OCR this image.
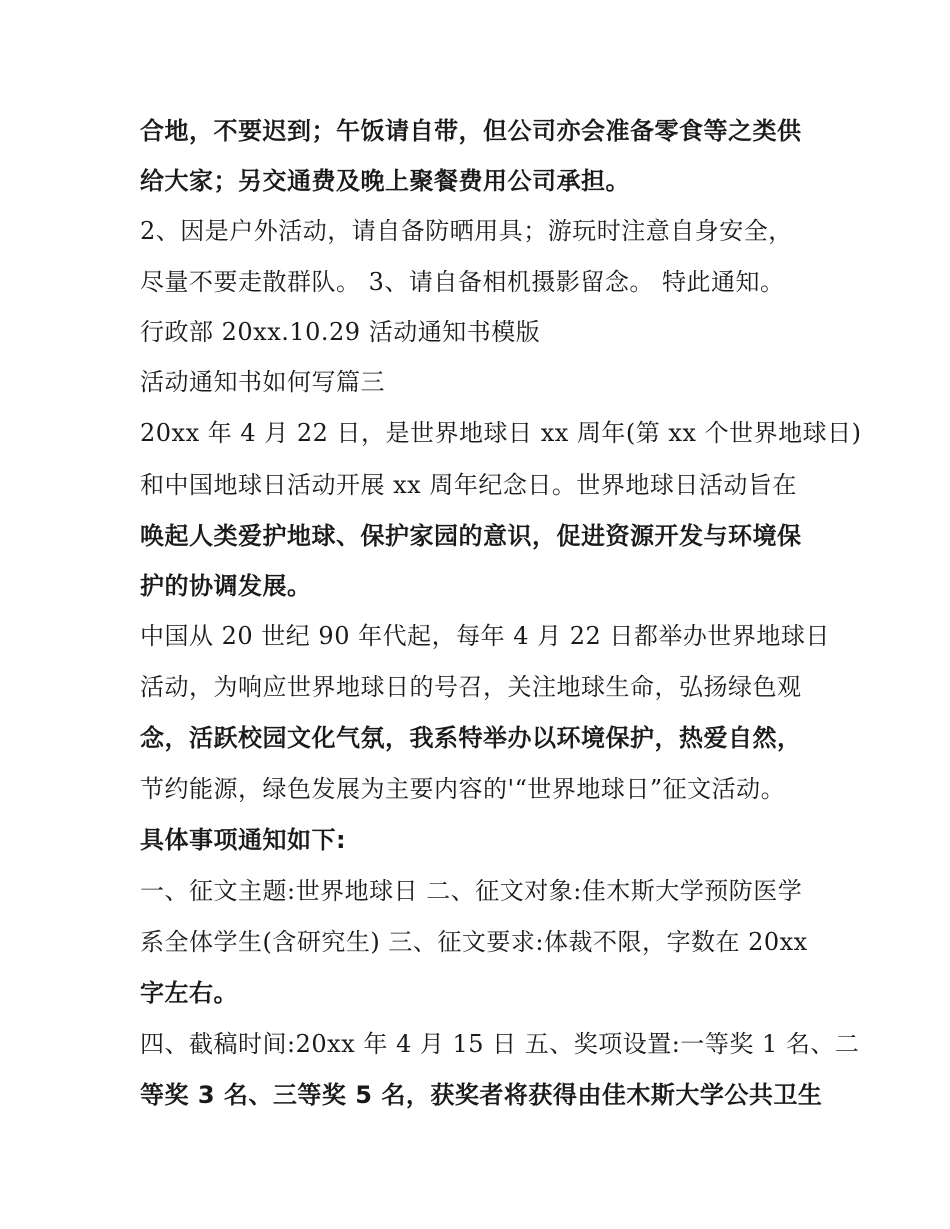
合地，不要迟到；午饭请自带，但公司亦会准备零食等之类供
给大家；另交通费及晚上聚餐费用公司承担。
2、因是户外活动，请自备防晒用具；游玩时注意自身安全，
尽量不要走散群队。 3、请自备相机摄影留念。 特此通知。
行政部 20xx.10.29 活动通知书模版
活动通知书如何写篇三
20xx 年 4 月 22 日，是世界地球日 xx 周年(第 xx 个世界地球日)
和中国地球日活动开展 xx 周年纪念日。世界地球日活动旨在
唤起人类爱护地球、保护家园的意识，促进资源开发与环境保
护的协调发展。
中国从 20 世纪 90 年代起，每年 4 月 22 日都举办世界地球日
活动，为响应世界地球日的号召，关注地球生命，弘扬绿色观
念，活跃校园文化气氛，我系特举办以环境保护，热爱自然，
节约能源，绿色发展为主要内容的'“世界地球日”征文活动。
具体事项通知如下:
一、征文主题:世界地球日 二、征文对象:佳木斯大学预防医学
系全体学生(含研究生) 三、征文要求:体裁不限，字数在 20xx
字左右。
四、截稿时间:20xx 年 4 月 15 日 五、奖项设置:一等奖 1 名、二
等奖 3 名、三等奖 5 名，获奖者将获得由佳木斯大学公共卫生
